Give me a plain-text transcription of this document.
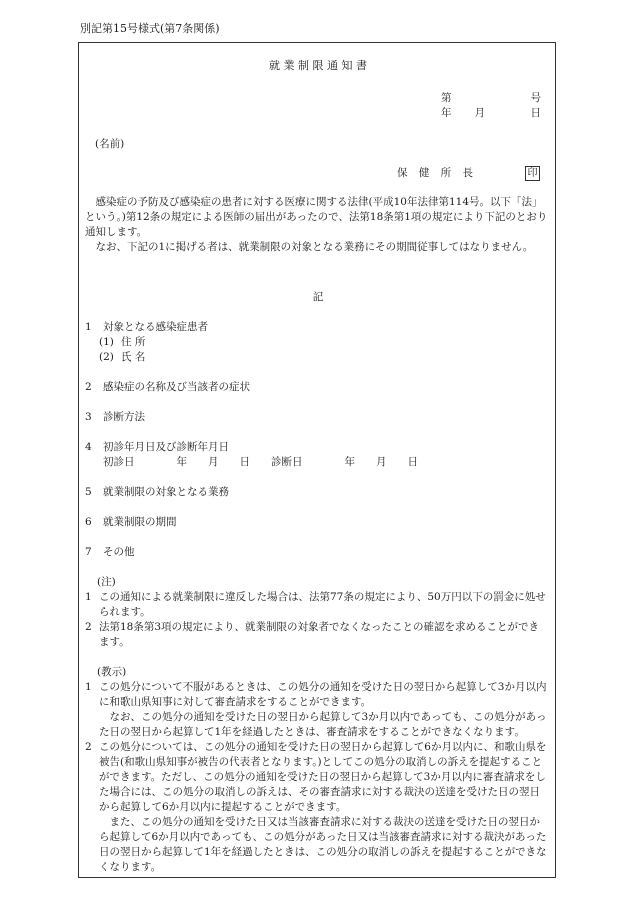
別記第15号様式(第7条関係)
就 業 制 限 通 知 書
第	号
年	月	日
(名前)
保 健 所 長	印

感染症の予防及び感染症の患者に対する医療に関する法律(平成10年法律第114号。以下「法」という。)第12条の規定による医師の届出があったので、法第18条第1項の規定により下記のとおり通知します。

なお、下記の1に掲げる者は、就業制限の対象となる業務にその期間従事してはなりません。

記
1	対象となる感染症患者
(1) 住 所
(2) 氏 名
2	感染症の名称及び当該者の症状
3	診断方法
4	初診年月日及び診断年月日
初診日　　　　年　　月　　日　　診断日　　　　年　　月　　日
5	就業制限の対象となる業務
6	就業制限の期間
7	その他
(注)
1 この通知による就業制限に違反した場合は、法第77条の規定により、50万円以下の罰金に処せられます。
2 法第18条第3項の規定により、就業制限の対象者でなくなったことの確認を求めることができます。
(教示)
1 この処分について不服があるときは、この処分の通知を受けた日の翌日から起算して3か月以内に和歌山県知事に対して審査請求をすることができます。
なお、この処分の通知を受けた日の翌日から起算して3か月以内であっても、この処分があった日の翌日から起算して1年を経過したときは、審査請求をすることができなくなります。
2 この処分については、この処分の通知を受けた日の翌日から起算して6か月以内に、和歌山県を被告(和歌山県知事が被告の代表者となります。)としてこの処分の取消しの訴えを提起することができます。ただし、この処分の通知を受けた日の翌日から起算して3か月以内に審査請求をした場合には、この処分の取消しの訴えは、その審査請求に対する裁決の送達を受けた日の翌日から起算して6か月以内に提起することができます。
また、この処分の通知を受けた日又は当該審査請求に対する裁決の送達を受けた日の翌日から起算して6か月以内であっても、この処分があった日又は当該審査請求に対する裁決があった日の翌日から起算して1年を経過したときは、この処分の取消しの訴えを提起することができなくなります。
